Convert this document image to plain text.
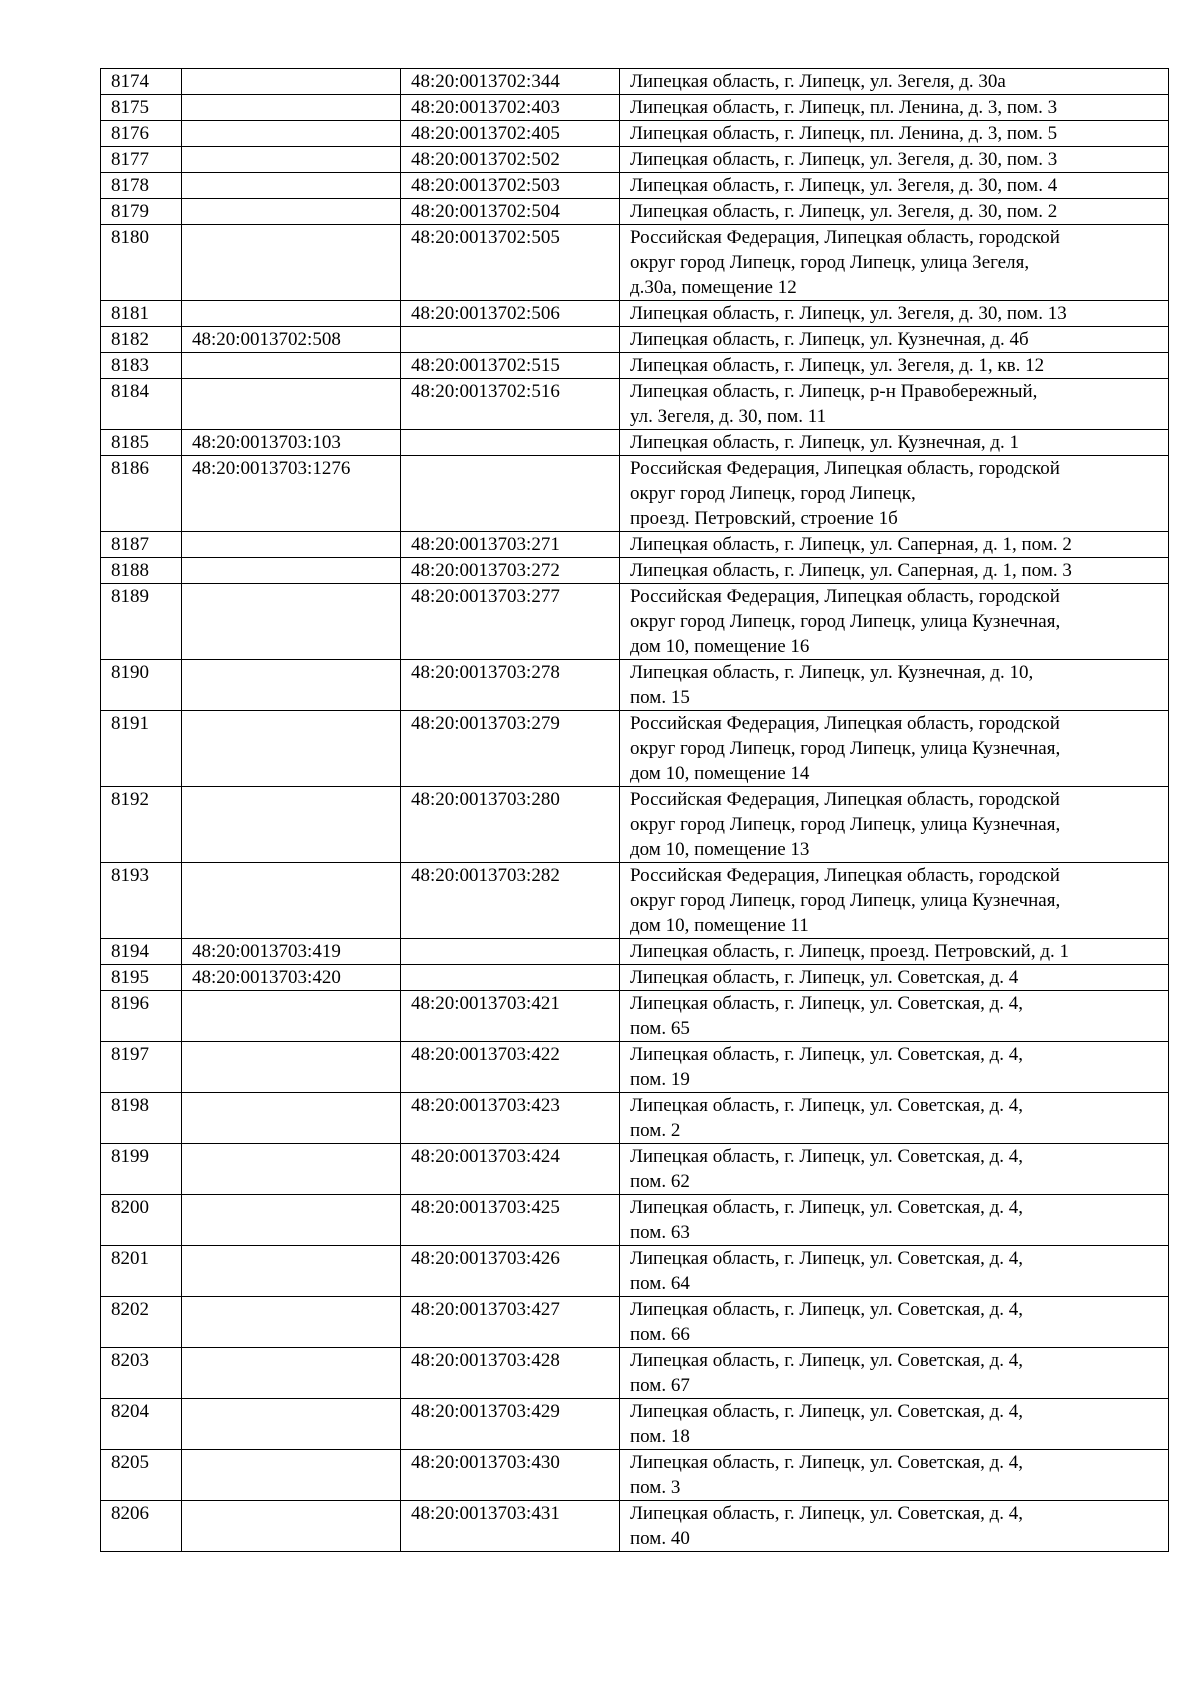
8174		48:20:0013702:344	Липецкая область, г. Липецк, ул. Зегеля, д. 30а
8175		48:20:0013702:403	Липецкая область, г. Липецк, пл. Ленина, д. 3, пом. 3
8176		48:20:0013702:405	Липецкая область, г. Липецк, пл. Ленина, д. 3, пом. 5
8177		48:20:0013702:502	Липецкая область, г. Липецк, ул. Зегеля, д. 30, пом. 3
8178		48:20:0013702:503	Липецкая область, г. Липецк, ул. Зегеля, д. 30, пом. 4
8179		48:20:0013702:504	Липецкая область, г. Липецк, ул. Зегеля, д. 30, пом. 2
8180		48:20:0013702:505	Российская Федерация, Липецкая область, городской
округ город Липецк, город Липецк, улица Зегеля,
д.30а, помещение 12
8181		48:20:0013702:506	Липецкая область, г. Липецк, ул. Зегеля, д. 30, пом. 13
8182	48:20:0013702:508		Липецкая область, г. Липецк, ул. Кузнечная, д. 4б
8183		48:20:0013702:515	Липецкая область, г. Липецк, ул. Зегеля, д. 1, кв. 12
8184		48:20:0013702:516	Липецкая область, г. Липецк, р-н Правобережный,
ул. Зегеля, д. 30, пом. 11
8185	48:20:0013703:103		Липецкая область, г. Липецк, ул. Кузнечная, д. 1
8186	48:20:0013703:1276		Российская Федерация, Липецкая область, городской
округ город Липецк, город Липецк,
проезд. Петровский, строение 1б
8187		48:20:0013703:271	Липецкая область, г. Липецк, ул. Саперная, д. 1, пом. 2
8188		48:20:0013703:272	Липецкая область, г. Липецк, ул. Саперная, д. 1, пом. 3
8189		48:20:0013703:277	Российская Федерация, Липецкая область, городской
округ город Липецк, город Липецк, улица Кузнечная,
дом 10, помещение 16
8190		48:20:0013703:278	Липецкая область, г. Липецк, ул. Кузнечная, д. 10,
пом. 15
8191		48:20:0013703:279	Российская Федерация, Липецкая область, городской
округ город Липецк, город Липецк, улица Кузнечная,
дом 10, помещение 14
8192		48:20:0013703:280	Российская Федерация, Липецкая область, городской
округ город Липецк, город Липецк, улица Кузнечная,
дом 10, помещение 13
8193		48:20:0013703:282	Российская Федерация, Липецкая область, городской
округ город Липецк, город Липецк, улица Кузнечная,
дом 10, помещение 11
8194	48:20:0013703:419		Липецкая область, г. Липецк, проезд. Петровский, д. 1
8195	48:20:0013703:420		Липецкая область, г. Липецк, ул. Советская, д. 4
8196		48:20:0013703:421	Липецкая область, г. Липецк, ул. Советская, д. 4,
пом. 65
8197		48:20:0013703:422	Липецкая область, г. Липецк, ул. Советская, д. 4,
пом. 19
8198		48:20:0013703:423	Липецкая область, г. Липецк, ул. Советская, д. 4,
пом. 2
8199		48:20:0013703:424	Липецкая область, г. Липецк, ул. Советская, д. 4,
пом. 62
8200		48:20:0013703:425	Липецкая область, г. Липецк, ул. Советская, д. 4,
пом. 63
8201		48:20:0013703:426	Липецкая область, г. Липецк, ул. Советская, д. 4,
пом. 64
8202		48:20:0013703:427	Липецкая область, г. Липецк, ул. Советская, д. 4,
пом. 66
8203		48:20:0013703:428	Липецкая область, г. Липецк, ул. Советская, д. 4,
пом. 67
8204		48:20:0013703:429	Липецкая область, г. Липецк, ул. Советская, д. 4,
пом. 18
8205		48:20:0013703:430	Липецкая область, г. Липецк, ул. Советская, д. 4,
пом. 3
8206		48:20:0013703:431	Липецкая область, г. Липецк, ул. Советская, д. 4,
пом. 40
